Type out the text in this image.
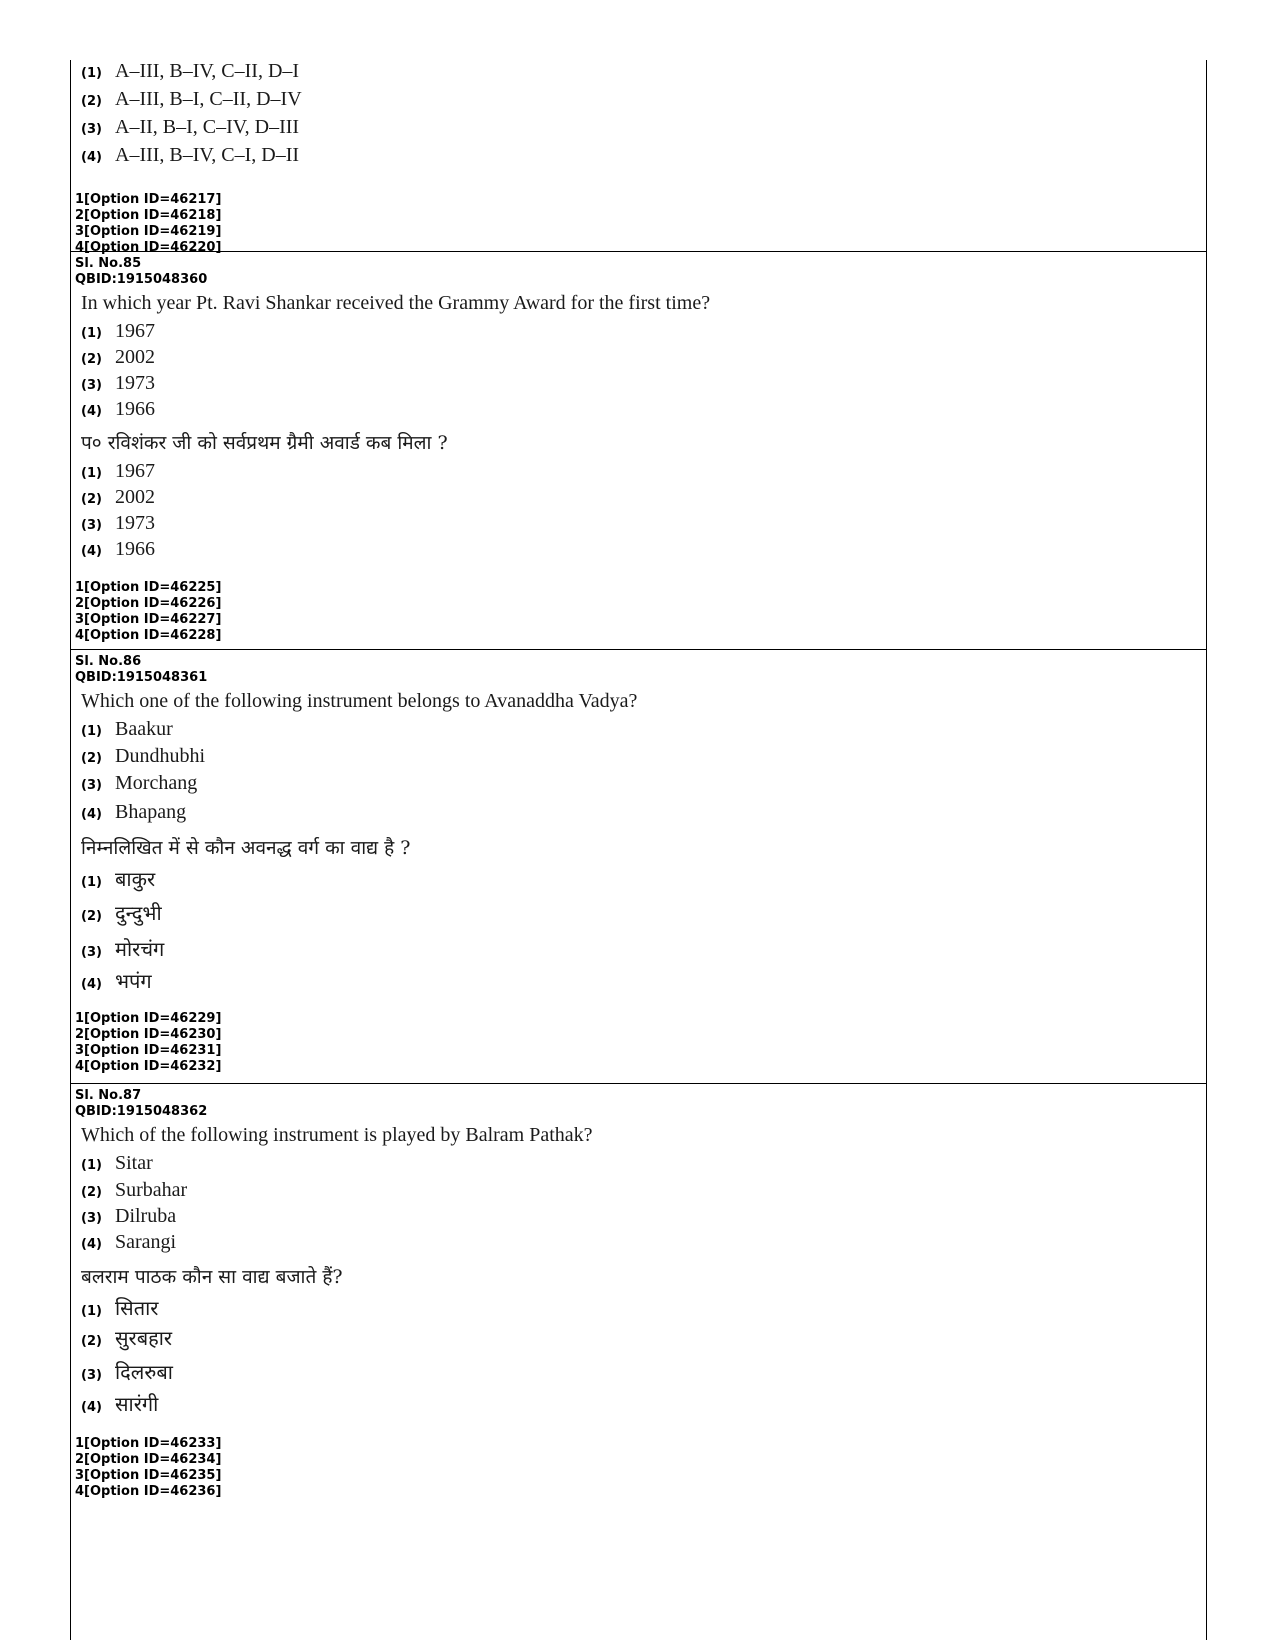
(1) A–III, B–IV, C–II, D–I
(2) A–III, B–I, C–II, D–IV
(3) A–II, B–I, C–IV, D–III
(4) A–III, B–IV, C–I, D–II
1[Option ID=46217]
2[Option ID=46218]
3[Option ID=46219]
4[Option ID=46220]
Sl. No.85
QBID:1915048360
In which year Pt. Ravi Shankar received the Grammy Award for the first time?
(1) 1967
(2) 2002
(3) 1973
(4) 1966
प० रविशंकर जी को सर्वप्रथम ग्रैमी अवार्ड कब मिला ?
(1) 1967
(2) 2002
(3) 1973
(4) 1966
1[Option ID=46225]
2[Option ID=46226]
3[Option ID=46227]
4[Option ID=46228]
Sl. No.86
QBID:1915048361
Which one of the following instrument belongs to Avanaddha Vadya?
(1) Baakur
(2) Dundhubhi
(3) Morchang
(4) Bhapang
निम्नलिखित में से कौन अवनद्ध वर्ग का वाद्य है ?
(1) बाकुर
(2) दुन्दुभी
(3) मोरचंग
(4) भपंग
1[Option ID=46229]
2[Option ID=46230]
3[Option ID=46231]
4[Option ID=46232]
Sl. No.87
QBID:1915048362
Which of the following instrument is played by Balram Pathak?
(1) Sitar
(2) Surbahar
(3) Dilruba
(4) Sarangi
बलराम पाठक कौन सा वाद्य बजाते हैं?
(1) सितार
(2) सुरबहार
(3) दिलरुबा
(4) सारंगी
1[Option ID=46233]
2[Option ID=46234]
3[Option ID=46235]
4[Option ID=46236]
